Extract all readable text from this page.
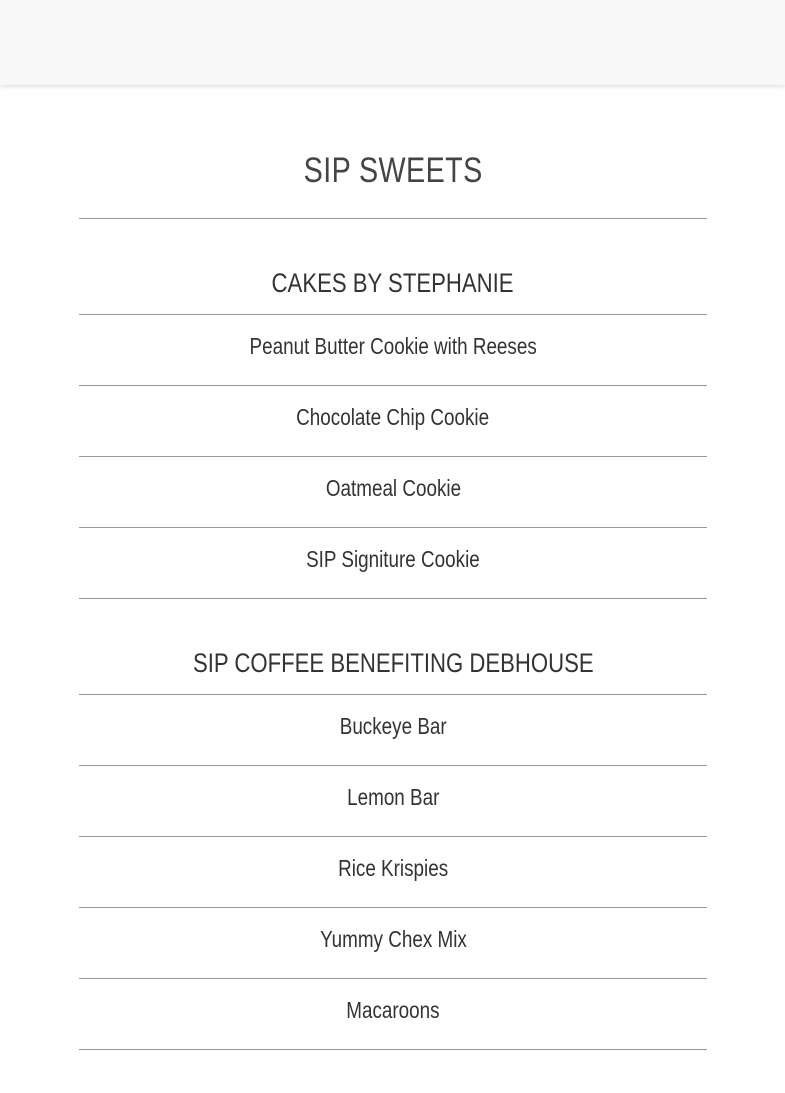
SIP SWEETS
CAKES BY STEPHANIE
Peanut Butter Cookie with Reeses
Chocolate Chip Cookie
Oatmeal Cookie
SIP Signiture Cookie
SIP COFFEE BENEFITING DEBHOUSE
Buckeye Bar
Lemon Bar
Rice Krispies
Yummy Chex Mix
Macaroons
